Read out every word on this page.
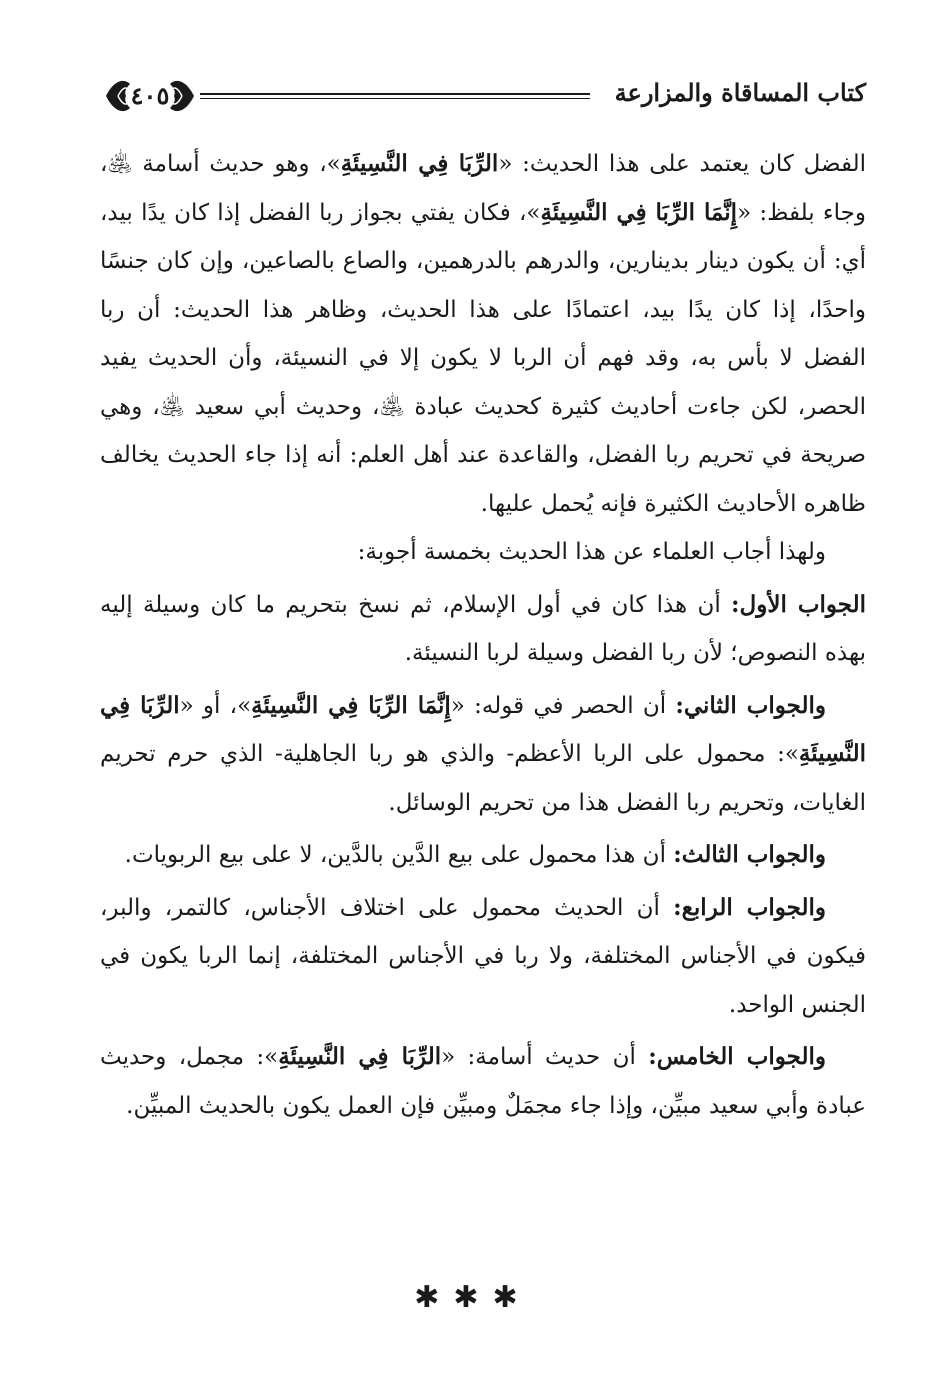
كتاب المساقاة والمزارعة
٤٠٥

الفضل كان يعتمد على هذا الحديث: «الرِّبَا فِي النَّسِيئَةِ»، وهو حديث أسامة ﵁، وجاء بلفظ: «إِنَّمَا الرِّبَا فِي النَّسِيئَةِ»، فكان يفتي بجواز ربا الفضل إذا كان يدًا بيد، أي: أن يكون دينار بدينارين، والدرهم بالدرهمين، والصاع بالصاعين، وإن كان جنسًا واحدًا، إذا كان يدًا بيد، اعتمادًا على هذا الحديث، وظاهر هذا الحديث: أن ربا الفضل لا بأس به، وقد فهم أن الربا لا يكون إلا في النسيئة، وأن الحديث يفيد الحصر، لكن جاءت أحاديث كثيرة كحديث عبادة ﵁، وحديث أبي سعيد ﵁، وهي صريحة في تحريم ربا الفضل، والقاعدة عند أهل العلم: أنه إذا جاء الحديث يخالف ظاهره الأحاديث الكثيرة فإنه يُحمل عليها.

ولهذا أجاب العلماء عن هذا الحديث بخمسة أجوبة:

الجواب الأول: أن هذا كان في أول الإسلام، ثم نسخ بتحريم ما كان وسيلة إليه بهذه النصوص؛ لأن ربا الفضل وسيلة لربا النسيئة.

والجواب الثاني: أن الحصر في قوله: «إِنَّمَا الرِّبَا فِي النَّسِيئَةِ»، أو «الرِّبَا فِي النَّسِيئَةِ»: محمول على الربا الأعظم- والذي هو ربا الجاهلية- الذي حرم تحريم الغايات، وتحريم ربا الفضل هذا من تحريم الوسائل.

والجواب الثالث: أن هذا محمول على بيع الدَّين بالدَّين، لا على بيع الربويات.

والجواب الرابع: أن الحديث محمول على اختلاف الأجناس، كالتمر، والبر، فيكون في الأجناس المختلفة، ولا ربا في الأجناس المختلفة، إنما الربا يكون في الجنس الواحد.

والجواب الخامس: أن حديث أسامة: «الرِّبَا فِي النَّسِيئَةِ»: مجمل، وحديث عبادة وأبي سعيد مبيِّن، وإذا جاء مجمَلٌ ومبيِّن فإن العمل يكون بالحديث المبيِّن.

✱✱✱
